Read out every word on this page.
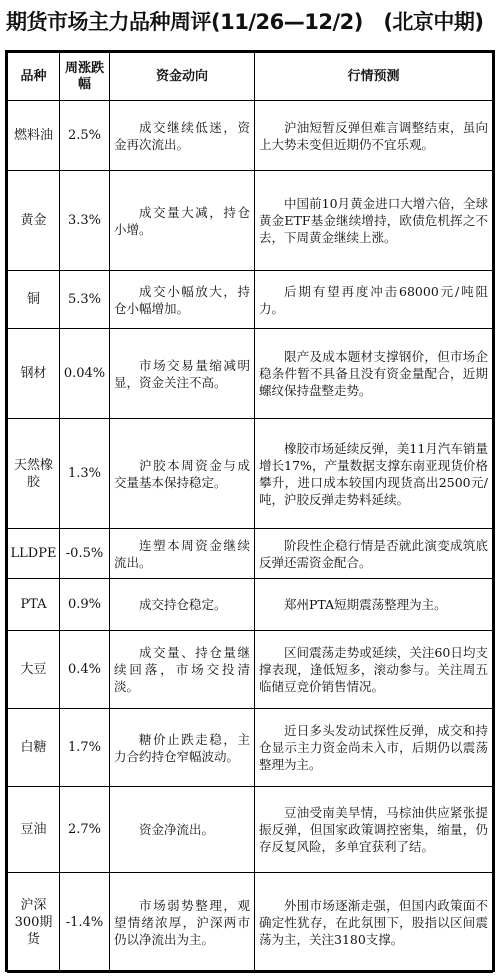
期货市场主力品种周评(11/26—12/2)　(北京中期)
品种	周涨跌幅	资金动向	行情预测
燃料油	2.5%	成交继续低迷，资金再次流出。	沪油短暂反弹但难言调整结束，虽向上大势未变但近期仍不宜乐观。
黄金	3.3%	成交量大减，持仓小增。	中国前10月黄金进口大增六倍，全球黄金ETF基金继续增持，欧债危机挥之不去，下周黄金继续上涨。
铜	5.3%	成交小幅放大，持仓小幅增加。	后期有望再度冲击68000元/吨阻力。
钢材	0.04%	市场交易量缩减明显，资金关注不高。	限产及成本题材支撑钢价，但市场企稳条件暂不具备且没有资金量配合，近期螺纹保持盘整走势。
天然橡胶	1.3%	沪胶本周资金与成交量基本保持稳定。	橡胶市场延续反弹，美11月汽车销量增长17%，产量数据支撑东南亚现货价格攀升，进口成本较国内现货高出2500元/吨，沪胶反弹走势料延续。
LLDPE	-0.5%	连塑本周资金继续流出。	阶段性企稳行情是否就此演变成筑底反弹还需资金配合。
PTA	0.9%	成交持仓稳定。	郑州PTA短期震荡整理为主。
大豆	0.4%	成交量、持仓量继续回落，市场交投清淡。	区间震荡走势或延续，关注60日均支撑表现，逢低短多，滚动参与。关注周五临储豆竞价销售情况。
白糖	1.7%	糖价止跌走稳，主力合约持仓窄幅波动。	近日多头发动试探性反弹，成交和持仓显示主力资金尚未入市，后期仍以震荡整理为主。
豆油	2.7%	资金净流出。	豆油受南美旱情，马棕油供应紧张提振反弹，但国家政策调控密集，缩量，仍存反复风险，多单宜获利了结。
沪深300期货	-1.4%	市场弱势整理，观望情绪浓厚，沪深两市仍以净流出为主。	外围市场逐渐走强，但国内政策面不确定性犹存，在此氛围下，股指以区间震荡为主，关注3180支撑。
